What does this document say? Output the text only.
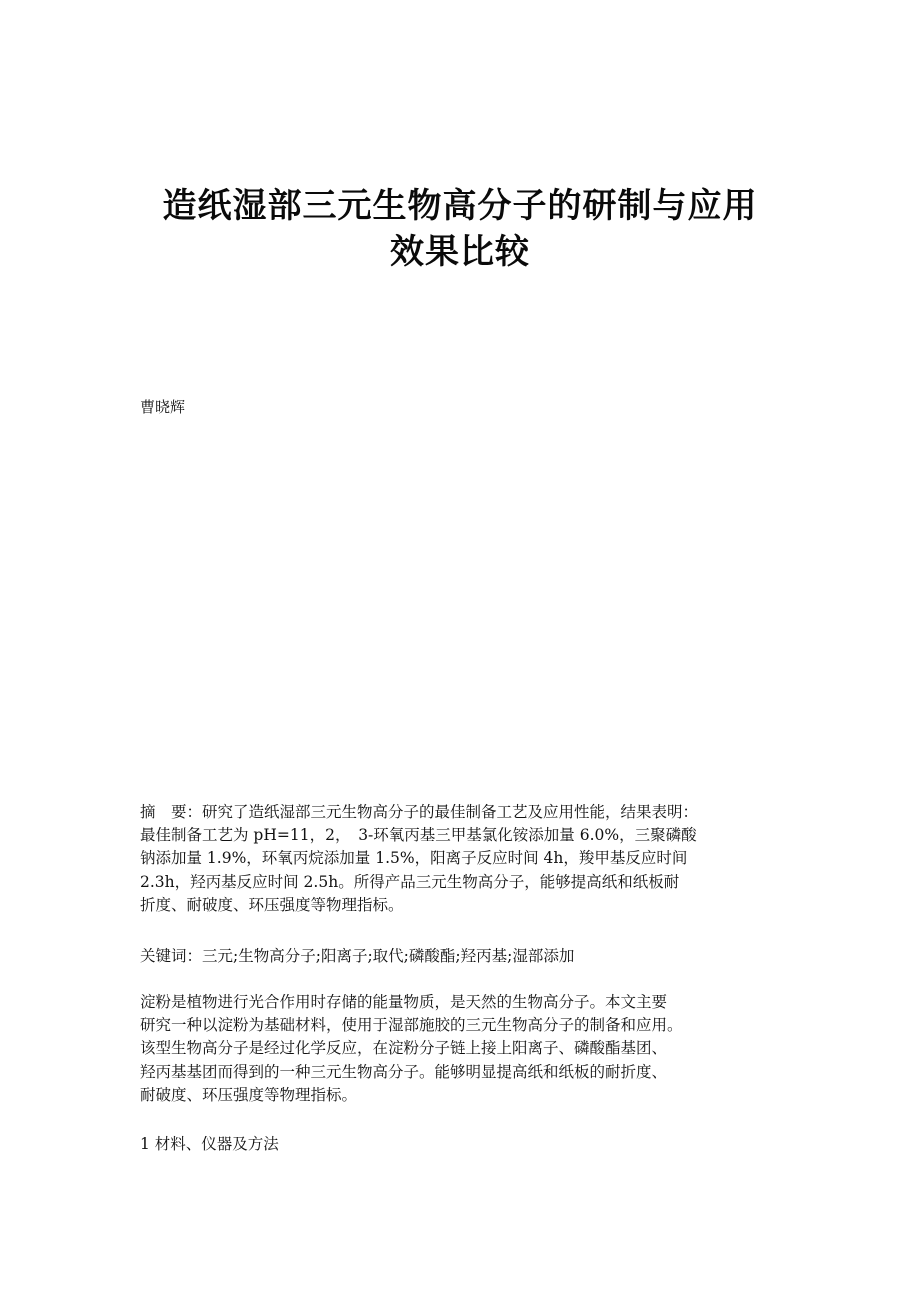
造纸湿部三元生物高分子的研制与应用
效果比较
曹晓辉
摘　要：研究了造纸湿部三元生物高分子的最佳制备工艺及应用性能，结果表明：
最佳制备工艺为 pH=11，2，　3-环氧丙基三甲基氯化铵添加量 6.0%，三聚磷酸
钠添加量 1.9%，环氧丙烷添加量 1.5%，阳离子反应时间 4h，羧甲基反应时间
2.3h，羟丙基反应时间 2.5h。所得产品三元生物高分子，能够提高纸和纸板耐
折度、耐破度、环压强度等物理指标。
关键词：三元;生物高分子;阳离子;取代;磷酸酯;羟丙基;湿部添加
淀粉是植物进行光合作用时存储的能量物质，是天然的生物高分子。本文主要
研究一种以淀粉为基础材料，使用于湿部施胶的三元生物高分子的制备和应用。
该型生物高分子是经过化学反应，在淀粉分子链上接上阳离子、磷酸酯基团、
羟丙基基团而得到的一种三元生物高分子。能够明显提高纸和纸板的耐折度、
耐破度、环压强度等物理指标。
1 材料、仪器及方法
